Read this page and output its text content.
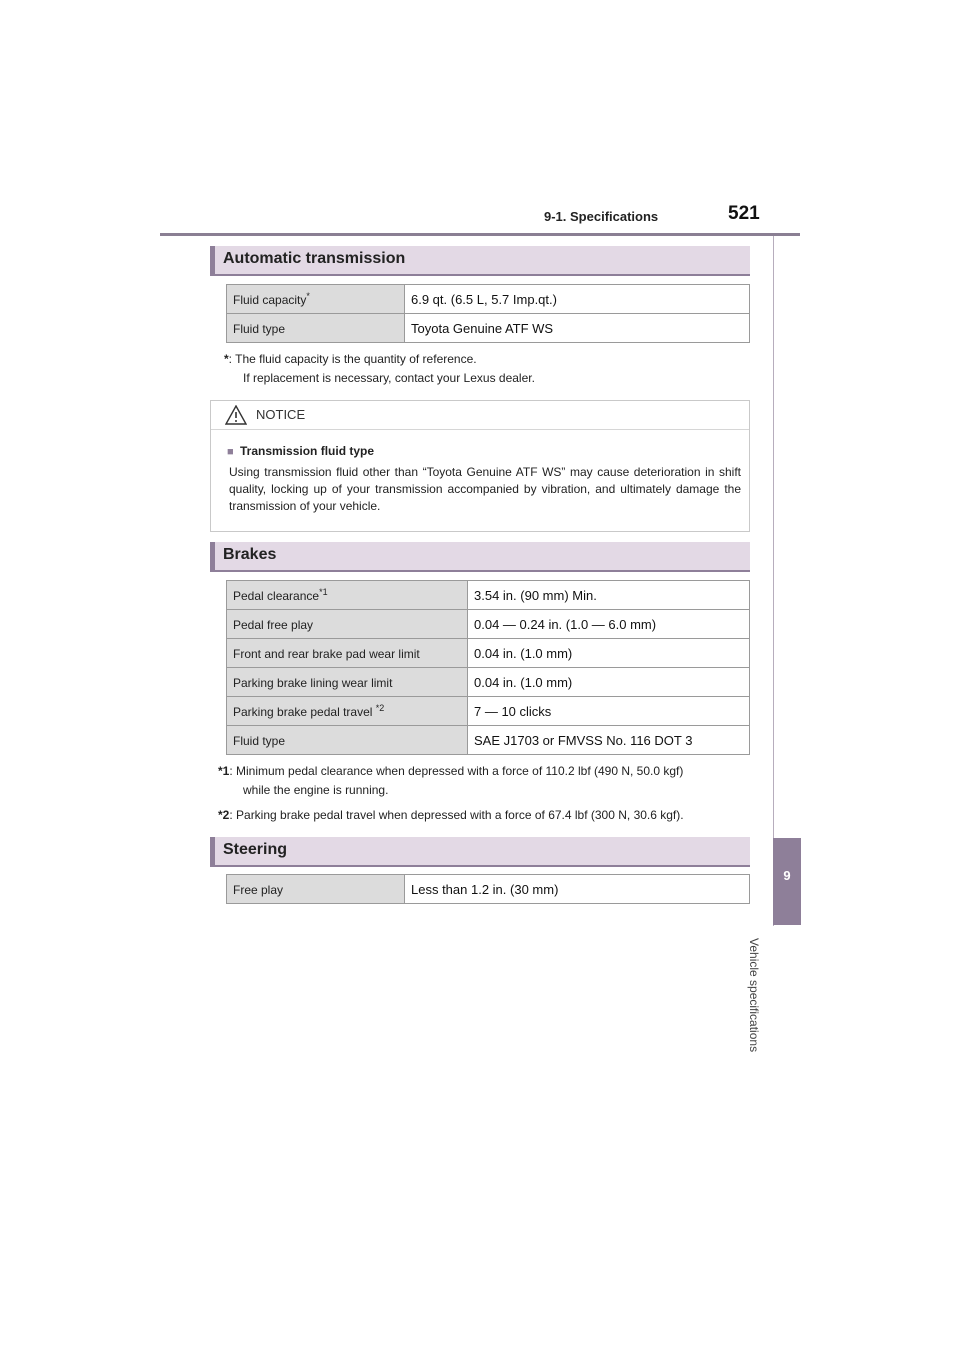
9-1. Specifications	521
9
Vehicle specifications
Automatic transmission
Fluid capacity*	6.9 qt. (6.5 L, 5.7 Imp.qt.)
Fluid type	Toyota Genuine ATF WS
*: The fluid capacity is the quantity of reference.
If replacement is necessary, contact your Lexus dealer.
NOTICE
■ Transmission fluid type
Using transmission fluid other than “Toyota Genuine ATF WS” may cause deterioration in shift quality, locking up of your transmission accompanied by vibration, and ultimately damage the transmission of your vehicle.
Brakes
Pedal clearance$^{*1}$	3.54 in. (90 mm) Min.
Pedal free play	0.04 — 0.24 in. (1.0 — 6.0 mm)
Front and rear brake pad wear limit	0.04 in. (1.0 mm)
Parking brake lining wear limit	0.04 in. (1.0 mm)
Parking brake pedal travel $^{*2}$	7 — 10 clicks
Fluid type	SAE J1703 or FMVSS No. 116 DOT 3
*1: Minimum pedal clearance when depressed with a force of 110.2 lbf (490 N, 50.0 kgf)
while the engine is running.
*2: Parking brake pedal travel when depressed with a force of 67.4 lbf (300 N, 30.6 kgf).
Steering
Free play	Less than 1.2 in. (30 mm)
